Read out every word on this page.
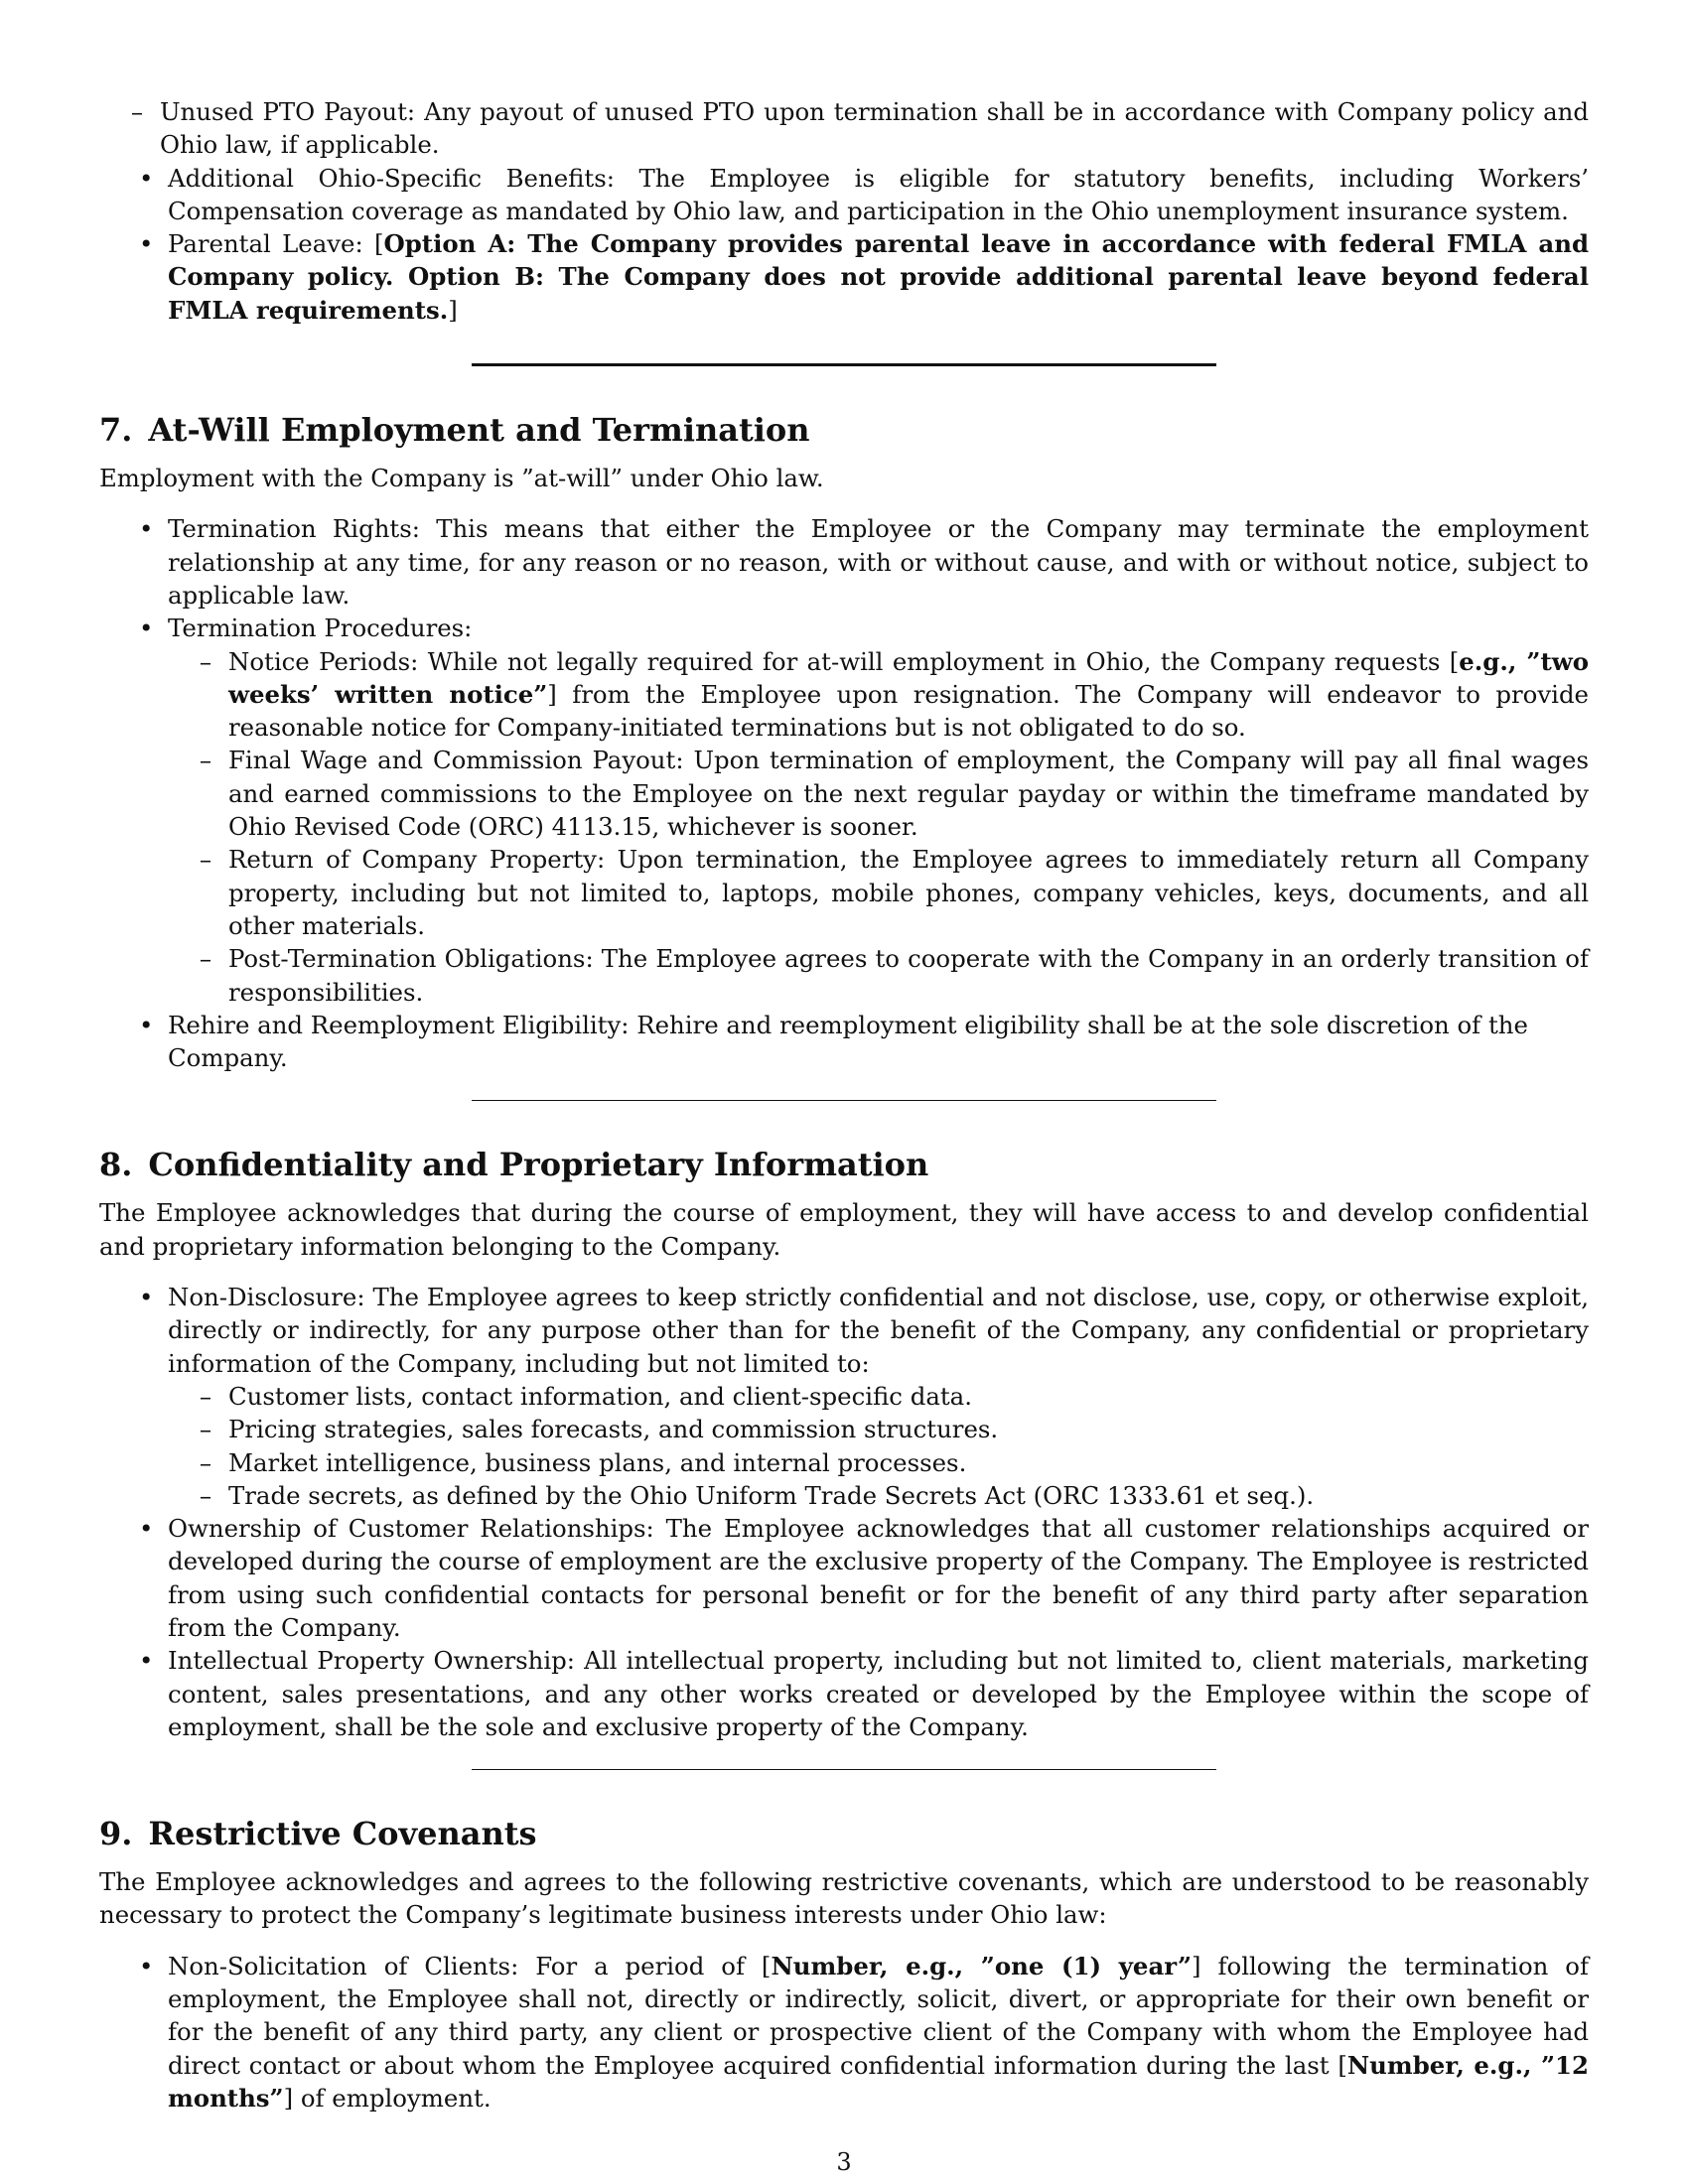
– Unused PTO Payout: Any payout of unused PTO upon termination shall be in accordance with Company policy and Ohio law, if applicable.
• Additional Ohio-Specific Benefits: The Employee is eligible for statutory benefits, including Workers’ Compensation coverage as mandated by Ohio law, and participation in the Ohio unemployment insurance system.
• Parental Leave: [Option A: The Company provides parental leave in accordance with federal FMLA and Company policy. Option B: The Company does not provide additional parental leave beyond federal FMLA requirements.]
7. At-Will Employment and Termination

Employment with the Company is ”at-will” under Ohio law.

• Termination Rights: This means that either the Employee or the Company may terminate the employment relationship at any time, for any reason or no reason, with or without cause, and with or without notice, subject to applicable law.
• Termination Procedures:
– Notice Periods: While not legally required for at-will employment in Ohio, the Company requests [e.g., ”two weeks’ written notice”] from the Employee upon resignation. The Company will endeavor to provide reasonable notice for Company-initiated terminations but is not obligated to do so.
– Final Wage and Commission Payout: Upon termination of employment, the Company will pay all final wages and earned commissions to the Employee on the next regular payday or within the timeframe mandated by Ohio Revised Code (ORC) 4113.15, whichever is sooner.
– Return of Company Property: Upon termination, the Employee agrees to immediately return all Company property, including but not limited to, laptops, mobile phones, company vehicles, keys, documents, and all other materials.
– Post-Termination Obligations: The Employee agrees to cooperate with the Company in an orderly transition of responsibilities.
• Rehire and Reemployment Eligibility: Rehire and reemployment eligibility shall be at the sole discretion of the Company.
8. Confidentiality and Proprietary Information

The Employee acknowledges that during the course of employment, they will have access to and develop confidential and proprietary information belonging to the Company.

• Non-Disclosure: The Employee agrees to keep strictly confidential and not disclose, use, copy, or otherwise exploit, directly or indirectly, for any purpose other than for the benefit of the Company, any confidential or proprietary information of the Company, including but not limited to:
– Customer lists, contact information, and client-specific data.
– Pricing strategies, sales forecasts, and commission structures.
– Market intelligence, business plans, and internal processes.
– Trade secrets, as defined by the Ohio Uniform Trade Secrets Act (ORC 1333.61 et seq.).
• Ownership of Customer Relationships: The Employee acknowledges that all customer relationships acquired or developed during the course of employment are the exclusive property of the Company. The Employee is restricted from using such confidential contacts for personal benefit or for the benefit of any third party after separation from the Company.
• Intellectual Property Ownership: All intellectual property, including but not limited to, client materials, marketing content, sales presentations, and any other works created or developed by the Employee within the scope of employment, shall be the sole and exclusive property of the Company.
9. Restrictive Covenants

The Employee acknowledges and agrees to the following restrictive covenants, which are understood to be reasonably necessary to protect the Company’s legitimate business interests under Ohio law:

• Non-Solicitation of Clients: For a period of [Number, e.g., ”one (1) year”] following the termination of employment, the Employee shall not, directly or indirectly, solicit, divert, or appropriate for their own benefit or for the benefit of any third party, any client or prospective client of the Company with whom the Employee had direct contact or about whom the Employee acquired confidential information during the last [Number, e.g., ”12 months”] of employment.
3
